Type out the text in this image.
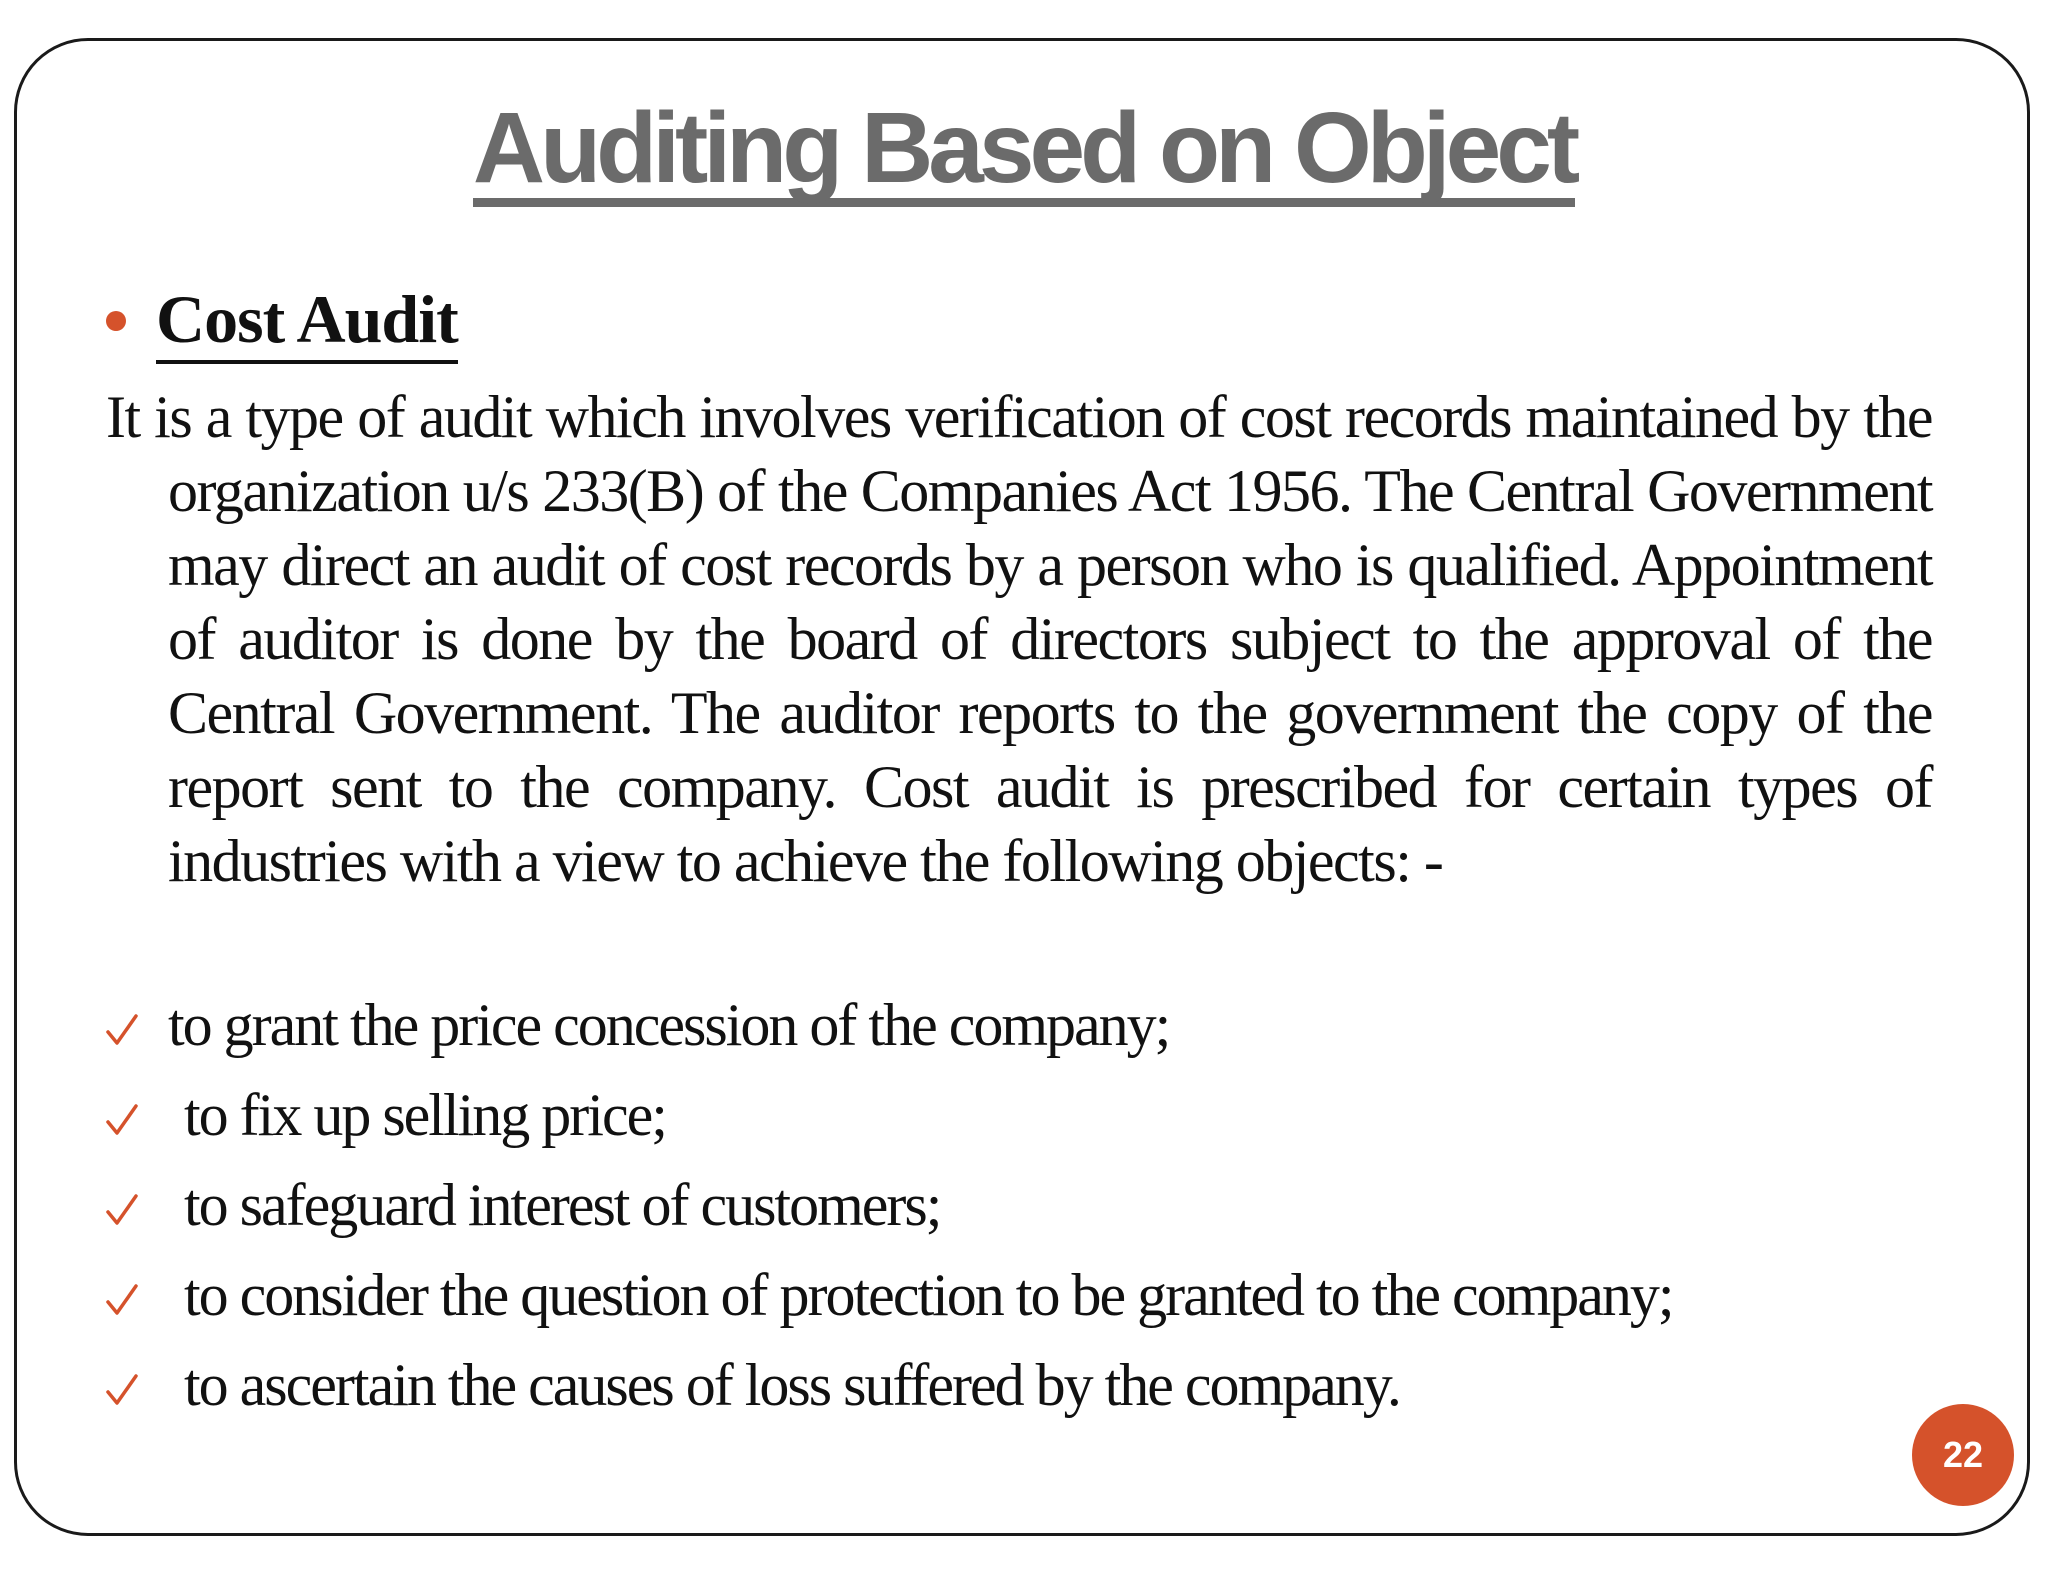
Auditing Based on Object
Cost Audit

It is a type of audit which involves verification of cost records maintained by the organization u/s 233(B) of the Companies Act 1956. The Central Government may direct an audit of cost records by a person who is qualified. Appointment of auditor is done by the board of directors subject to the approval of the Central Government. The auditor reports to the government the copy of the report sent to the company. Cost audit is prescribed for certain types of industries with a view to achieve the following objects: -

to grant the price concession of the company;
to fix up selling price;
to safeguard interest of customers;
to consider the question of protection to be granted to the company;
to ascertain the causes of loss suffered by the company.
22
